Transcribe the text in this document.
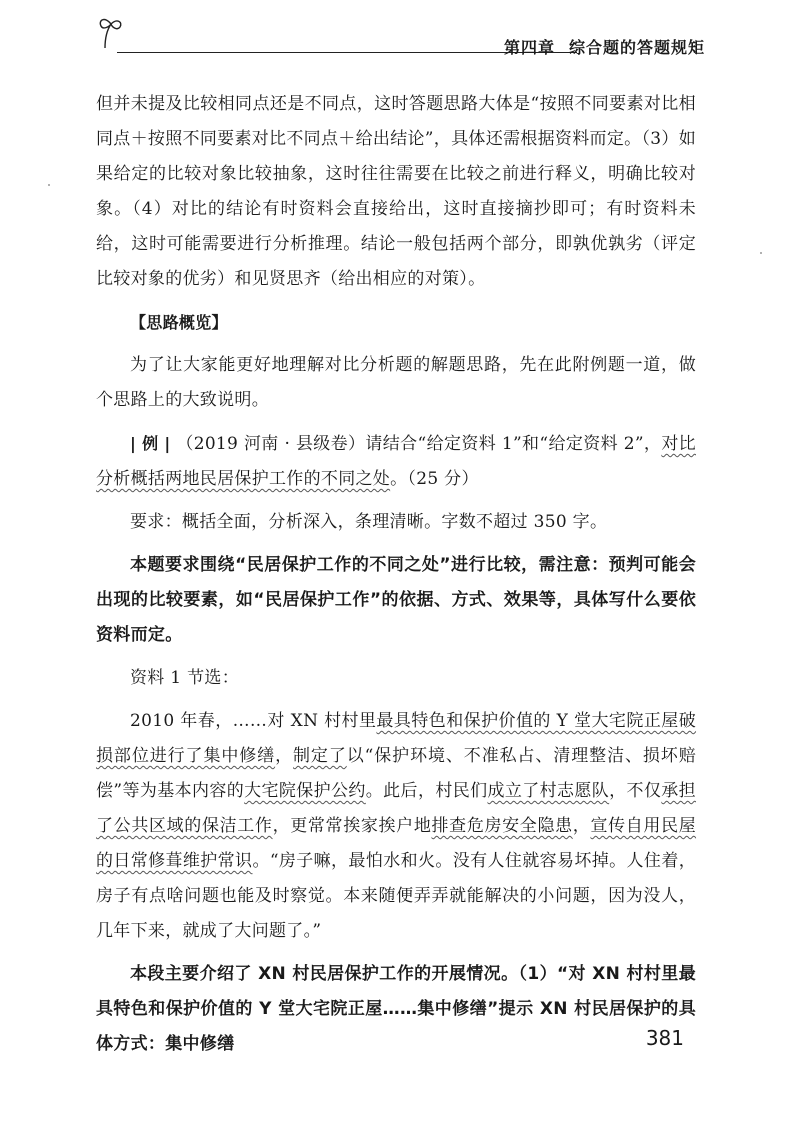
第四章 综合题的答题规矩

但并未提及比较相同点还是不同点，这时答题思路大体是“按照不同要素对比相同点＋按照不同要素对比不同点＋给出结论”，具体还需根据资料而定。（3）如果给定的比较对象比较抽象，这时往往需要在比较之前进行释义，明确比较对象。（4）对比的结论有时资料会直接给出，这时直接摘抄即可；有时资料未给，这时可能需要进行分析推理。结论一般包括两个部分，即孰优孰劣（评定比较对象的优劣）和见贤思齐（给出相应的对策）。

【思路概览】

为了让大家能更好地理解对比分析题的解题思路，先在此附例题一道，做个思路上的大致说明。

| 例 | （2019 河南 · 县级卷）请结合“给定资料 1”和“给定资料 2”，对比分析概括两地民居保护工作的不同之处。（25 分）

要求：概括全面，分析深入，条理清晰。字数不超过 350 字。

本题要求围绕“民居保护工作的不同之处”进行比较，需注意：预判可能会出现的比较要素，如“民居保护工作”的依据、方式、效果等，具体写什么要依资料而定。

资料 1 节选：

2010 年春，……对 XN 村村里最具特色和保护价值的 Y 堂大宅院正屋破损部位进行了集中修缮，制定了以“保护环境、不准私占、清理整洁、损坏赔偿”等为基本内容的大宅院保护公约。此后，村民们成立了村志愿队，不仅承担了公共区域的保洁工作，更常常挨家挨户地排查危房安全隐患，宣传自用民屋的日常修葺维护常识。“房子嘛，最怕水和火。没有人住就容易坏掉。人住着，房子有点啥问题也能及时察觉。本来随便弄弄就能解决的小问题，因为没人，几年下来，就成了大问题了。”

本段主要介绍了 XN 村民居保护工作的开展情况。（1）“对 XN 村村里最具特色和保护价值的 Y 堂大宅院正屋……集中修缮”提示 XN 村民居保护的具体方式：集中修缮	381
